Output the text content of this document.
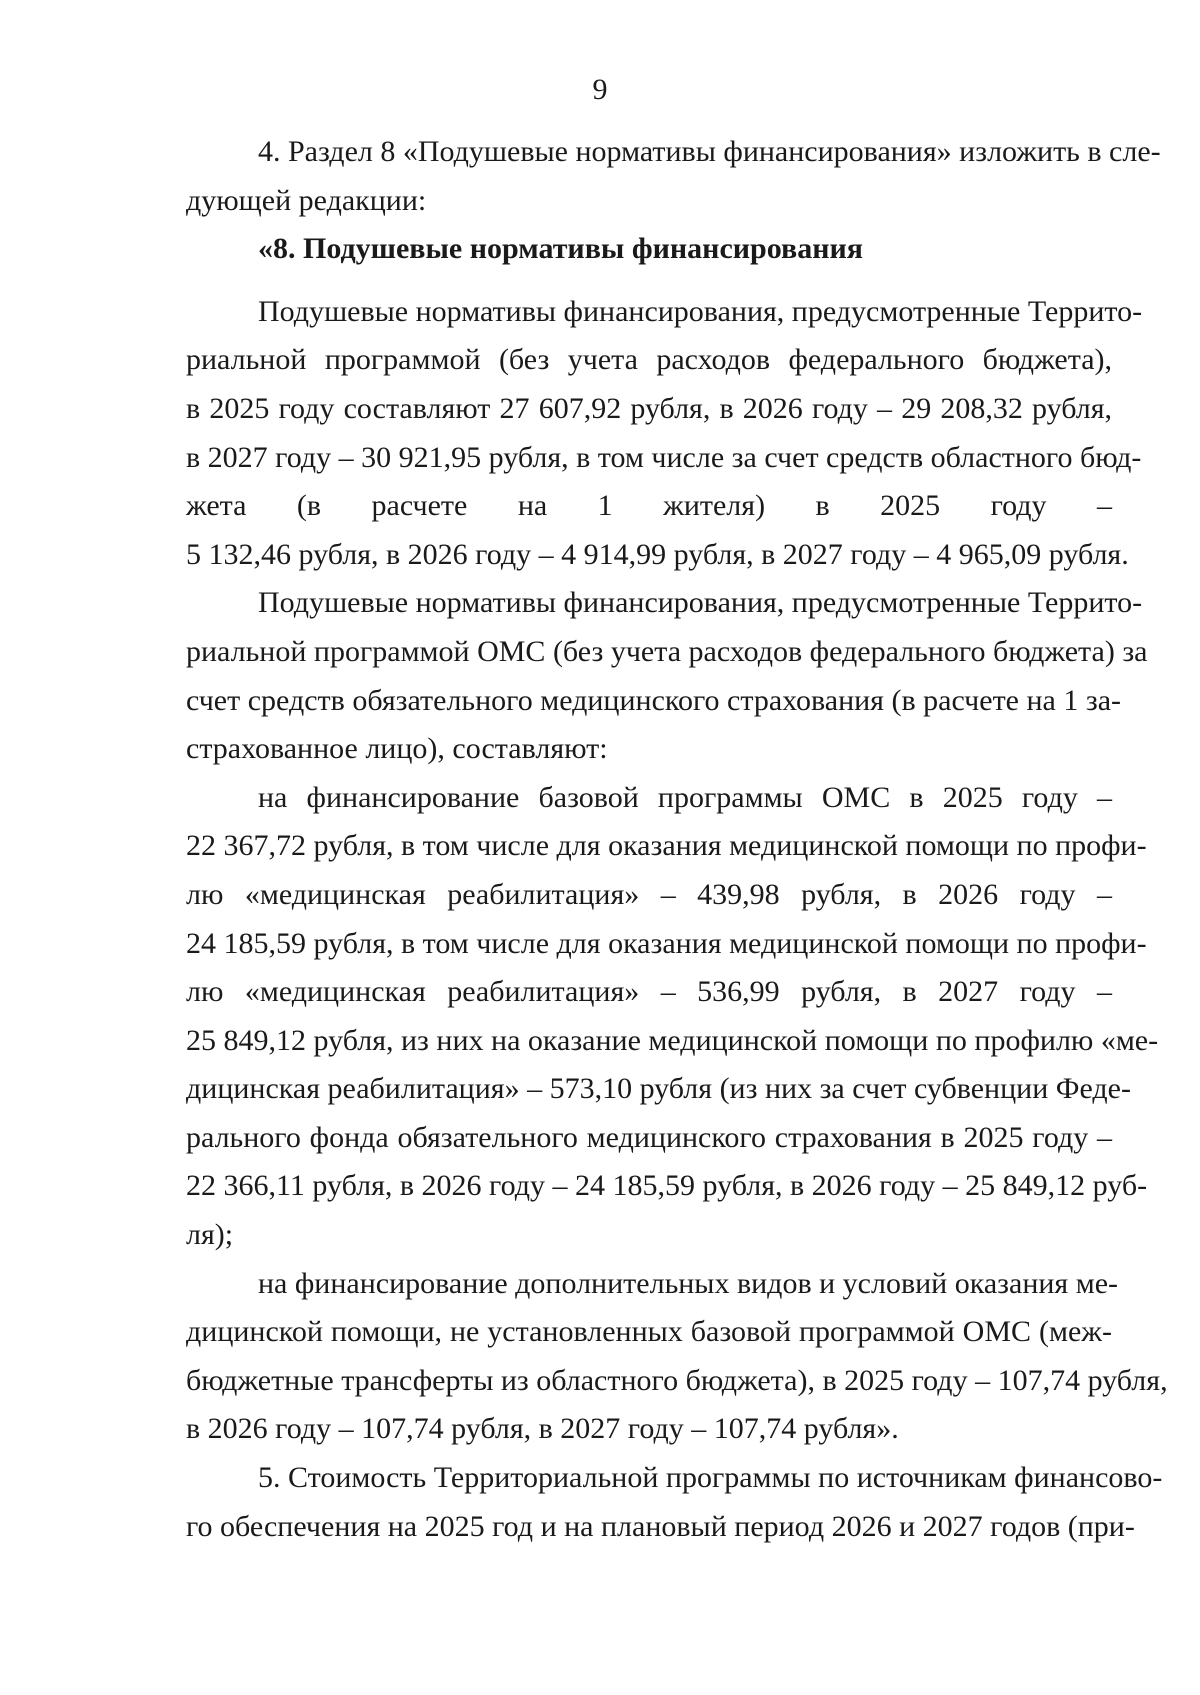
9
4. Раздел 8 «Подушевые нормативы финансирования» изложить в сле-
дующей редакции:
«8. Подушевые нормативы финансирования
Подушевые нормативы финансирования, предусмотренные Террито-
риальной программой (без учета расходов федерального бюджета),
в 2025 году составляют 27 607,92 рубля, в 2026 году – 29 208,32 рубля,
в 2027 году – 30 921,95 рубля, в том числе за счет средств областного бюд-
жета (в расчете на 1 жителя) в 2025 году –
5 132,46 рубля, в 2026 году – 4 914,99 рубля, в 2027 году – 4 965,09 рубля.
Подушевые нормативы финансирования, предусмотренные Террито-
риальной программой ОМС (без учета расходов федерального бюджета) за
счет средств обязательного медицинского страхования (в расчете на 1 за-
страхованное лицо), составляют:
на финансирование базовой программы ОМС в 2025 году –
22 367,72 рубля, в том числе для оказания медицинской помощи по профи-
лю «медицинская реабилитация» – 439,98 рубля, в 2026 году –
24 185,59 рубля, в том числе для оказания медицинской помощи по профи-
лю «медицинская реабилитация» – 536,99 рубля, в 2027 году –
25 849,12 рубля, из них на оказание медицинской помощи по профилю «ме-
дицинская реабилитация» – 573,10 рубля (из них за счет субвенции Феде-
рального фонда обязательного медицинского страхования в 2025 году –
22 366,11 рубля, в 2026 году – 24 185,59 рубля, в 2026 году – 25 849,12 руб-
ля);
на финансирование дополнительных видов и условий оказания ме-
дицинской помощи, не установленных базовой программой ОМС (меж-
бюджетные трансферты из областного бюджета), в 2025 году – 107,74 рубля,
в 2026 году – 107,74 рубля, в 2027 году – 107,74 рубля».
5. Стоимость Территориальной программы по источникам финансово-
го обеспечения на 2025 год и на плановый период 2026 и 2027 годов (при-
